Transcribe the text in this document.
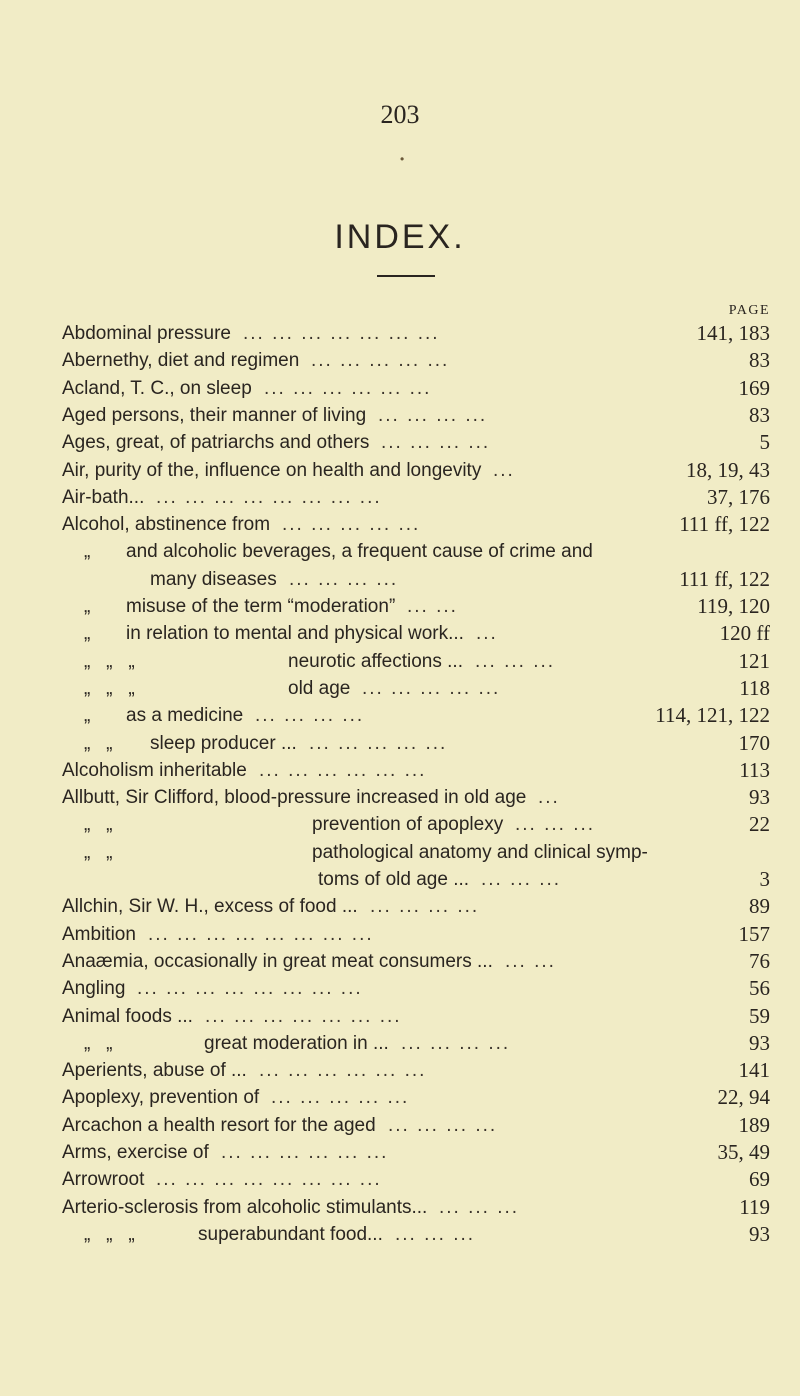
203
•
INDEX.
PAGE
Abdominal pressure ... ... ... ... ... ... ...	141, 183
Abernethy, diet and regimen ... ... ... ... ...	83
Acland, T. C., on sleep ... ... ... ... ... ...	169
Aged persons, their manner of living ... ... ... ...	83
Ages, great, of patriarchs and others ... ... ... ...	5
Air, purity of the, influence on health and longevity ...	18, 19, 43
Air-bath... ... ... ... ... ... ... ... ...	37, 176
Alcohol, abstinence from ... ... ... ... ...	111 ff, 122
„ and alcoholic beverages, a frequent cause of crime and
many diseases ... ... ... ...	111 ff, 122
„ misuse of the term “moderation” ... ...	119, 120
„ in relation to mental and physical work... ...	120 ff
„   „   „	neurotic affections ... ... ... ...	121
„   „   „	old age ... ... ... ... ...	118
„ as a medicine ... ... ... ...	114, 121, 122
„   „ sleep producer ... ... ... ... ... ...	170
Alcoholism inheritable ... ... ... ... ... ...	113
Allbutt, Sir Clifford, blood-pressure increased in old age ...	93
„   „	prevention of apoplexy ... ... ...	22
„   „	pathological anatomy and clinical symp-
toms of old age ... ... ... ...	3
Allchin, Sir W. H., excess of food ... ... ... ... ...	89
Ambition ... ... ... ... ... ... ... ...	157
Anaæmia, occasionally in great meat consumers ... ... ...	76
Angling ... ... ... ... ... ... ... ...	56
Animal foods ... ... ... ... ... ... ... ...	59
„   „	great moderation in ... ... ... ... ...	93
Aperients, abuse of ... ... ... ... ... ... ...	141
Apoplexy, prevention of ... ... ... ... ...	22, 94
Arcachon a health resort for the aged ... ... ... ...	189
Arms, exercise of ... ... ... ... ... ...	35, 49
Arrowroot ... ... ... ... ... ... ... ...	69
Arterio-sclerosis from alcoholic stimulants... ... ... ...	119
„   „   „	superabundant food... ... ... ...	93
